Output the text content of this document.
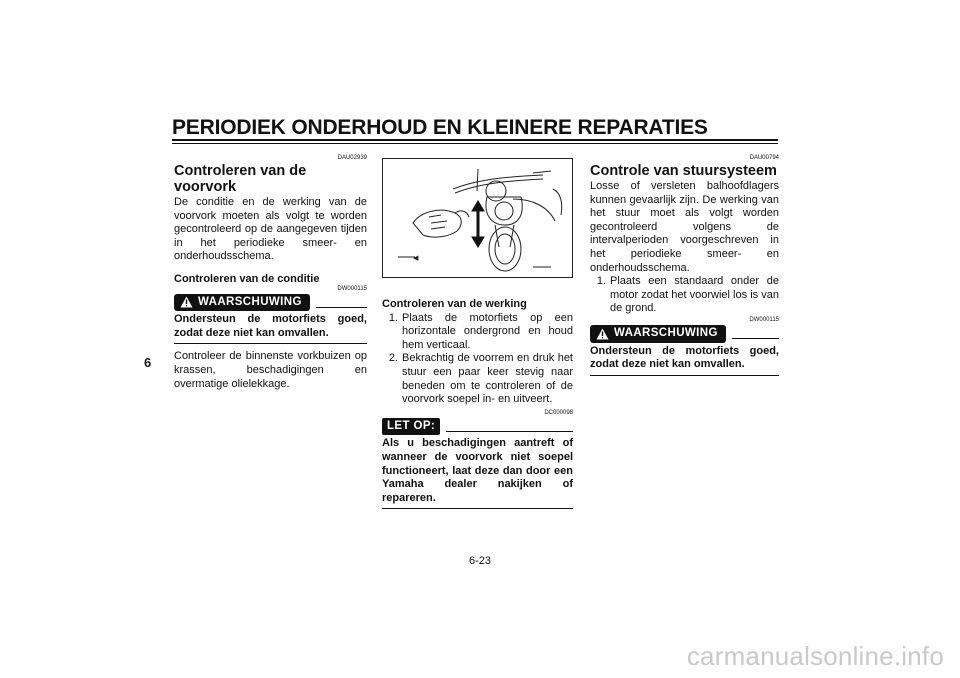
PERIODIEK ONDERHOUD EN KLEINERE REPARATIES
6
DAU02939
Controleren van de voorvork
De conditie en de werking van de voorvork moeten als volgt te worden gecontroleerd op de aangegeven tijden in het periodieke smeer- en onderhoudsschema.
Controleren van de conditie
DW000115
WAARSCHUWING
Ondersteun de motorfiets goed, zodat deze niet kan omvallen.
Controleer de binnenste vorkbuizen op krassen, beschadigingen en overmatige olielekkage.
◀
Controleren van de werking
1. Plaats de motorfiets op een horizontale ondergrond en houd hem verticaal.
2. Bekrachtig de voorrem en druk het stuur een paar keer stevig naar beneden om te controleren of de voorvork soepel in- en uitveert.
DC000098
LET OP:
Als u beschadigingen aantreft of wanneer de voorvork niet soepel functioneert, laat deze dan door een Yamaha dealer nakijken of repareren.
DAU00794
Controle van stuursysteem
Losse of versleten balhoofdlagers kunnen gevaarlijk zijn. De werking van het stuur moet als volgt worden gecontroleerd volgens de intervalperioden voorgeschreven in het periodieke smeer- en onderhoudsschema.
1. Plaats een standaard onder de motor zodat het voorwiel los is van de grond.
DW000115
WAARSCHUWING
Ondersteun de motorfiets goed, zodat deze niet kan omvallen.
6-23
carmanualsonline.info
